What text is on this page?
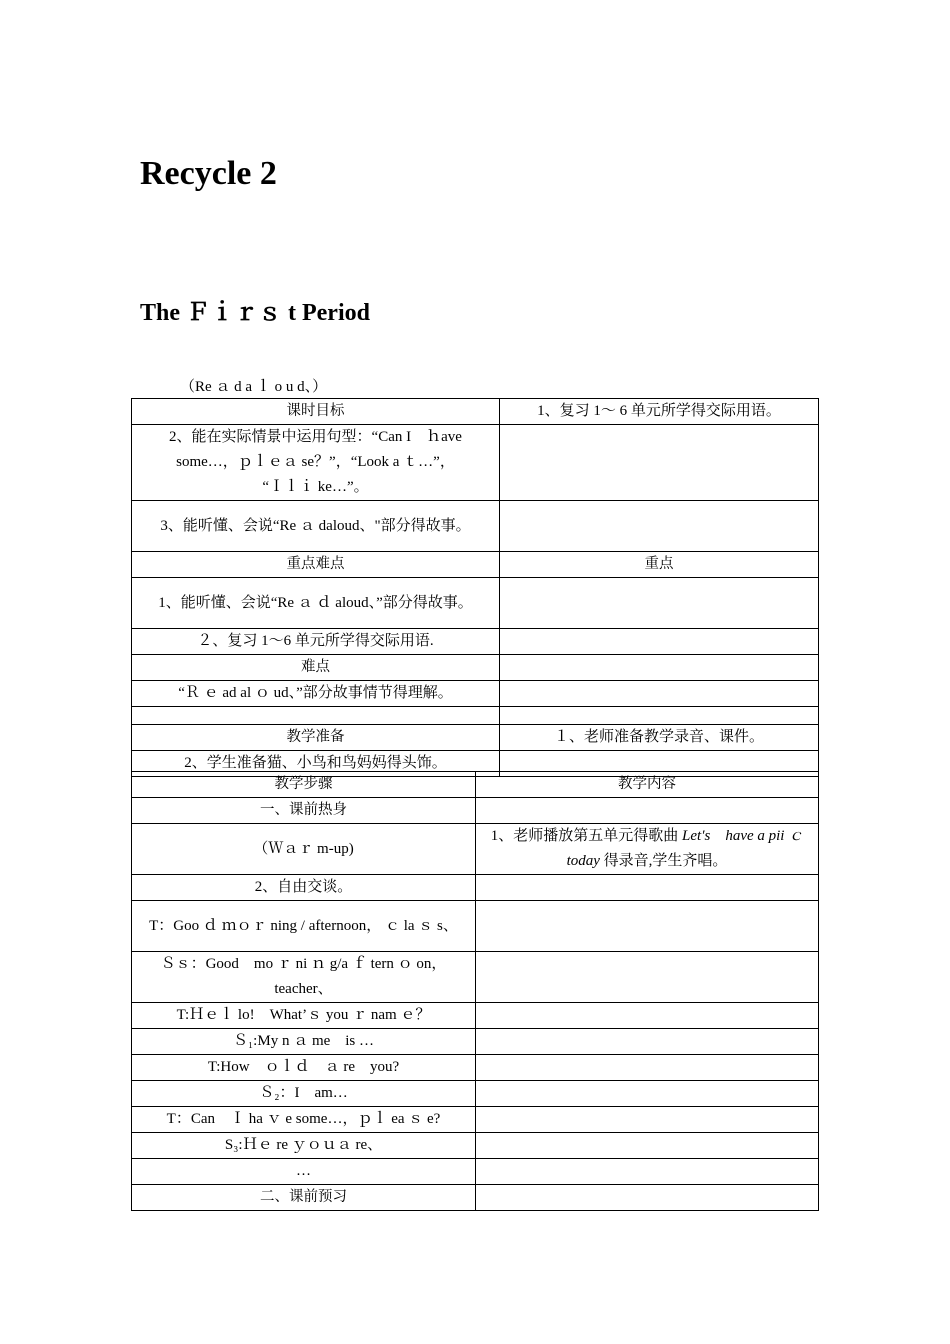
Recycle 2
The Ｆｉｒｓ t Period
（Re ａ d a ｌ o u d、）
课时目标	1、复习 1～ 6 单元所学得交际用语。
2、能在实际情景中运用句型：“Can I　ｈave some…，ｐｌｅａ se？”，“Look a ｔ…”，
“Ｉｌｉ ke…”。	
3、能听懂、会说“Re ａ daloud、"部分得故事。	
重点难点	重点
1、能听懂、会说“Re ａ ｄ aloud、”部分得故事。	
２、复习 1～6 单元所学得交际用语.	
难点	
“Ｒ ｅ ad al ｏ ud、”部分故事情节得理解。	

教学准备	１、老师准备教学录音、课件。
2、学生准备猫、小鸟和鸟妈妈得头饰。	
教学步骤	教学内容
一、课前热身	
（Ｗａｒ m-up)	1、老师播放第五单元得歌曲 Let′s　have a pii ｃ　today 得录音,学生齐唱。
2、自由交谈。	
T：Goo ｄ ｍｏｒ ning / afternoon， ｃ la ｓ s、	
Ｓｓ：Good　mo ｒ ni ｎ g/a ｆ tern ｏ on，teacher、	
T:Ｈｅｌ lo!　What’ｓ you ｒ nam ｅ？	
Ｓ₁:My n ａ me　is …	
T:How　ｏｌｄ　ａ re　you?	
Ｓ₂：I　am…	
T：Can　Ｉ ha ｖ e some…，ｐｌ ea ｓ e?	
S₃:Ｈｅ re ｙｏｕａ re、	
…	
二、课前预习	
